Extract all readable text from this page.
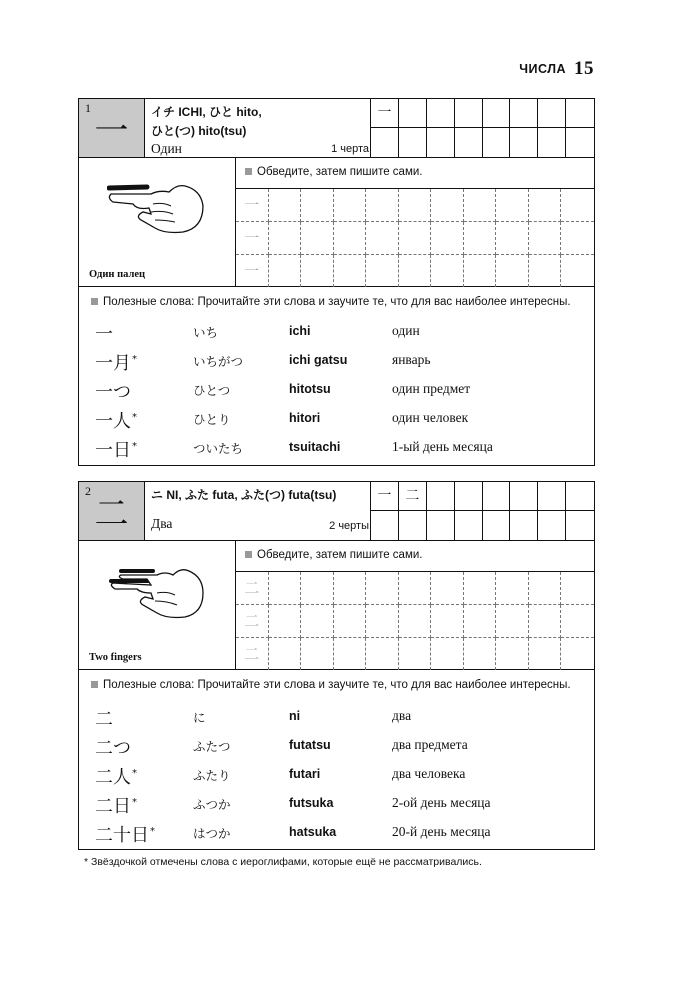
ЧИСЛА 15
1
一	イチ ICHI, ひと hito,
ひと(つ) hito(tsu)
Один	1 черта
一
Один палец
Обведите, затем пишите сами.
一
一
一
Полезные слова: Прочитайте эти слова и заучите те, что для вас наиболее интересны.
一	いち	ichi	один
一月*	いちがつ	ichi gatsu	январь
一つ	ひとつ	hitotsu	один предмет
一人*	ひとり	hitori	один человек
一日*	ついたち	tsuitachi	1-ый день месяца
2
二	ニ NI, ふた futa, ふた(つ) futa(tsu)
Два	2 черты
一 二
Two fingers
Обведите, затем пишите сами.
二
二
二
Полезные слова: Прочитайте эти слова и заучите те, что для вас наиболее интересны.
二	に	ni	два
二つ	ふたつ	futatsu	два предмета
二人*	ふたり	futari	два человека
二日*	ふつか	futsuka	2-ой день месяца
二十日*	はつか	hatsuka	20-й день месяца
* Звёздочкой отмечены слова с иероглифами, которые ещё не рассматривались.
